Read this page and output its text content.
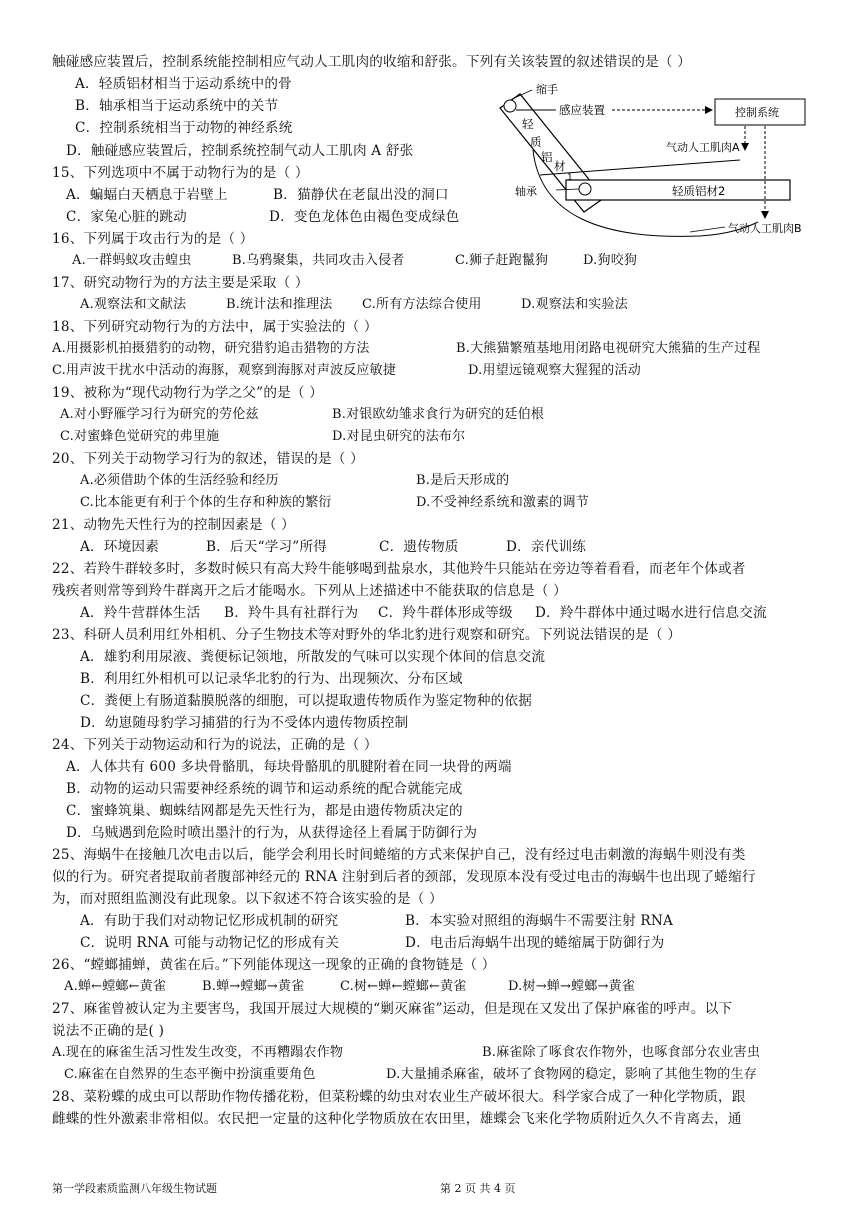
触碰感应装置后，控制系统能控制相应气动人工肌肉的收缩和舒张。下列有关该装置的叙述错误的是（ ）
A．轻质铝材相当于运动系统中的骨
B．轴承相当于运动系统中的关节
C．控制系统相当于动物的神经系统
D．触碰感应装置后，控制系统控制气动人工肌肉 A 舒张
15、下列选项中不属于动物行为的是（ ）
A．蝙蝠白天栖息于岩壁上	B．猫静伏在老鼠出没的洞口
C．家兔心脏的跳动	D．变色龙体色由褐色变成绿色
16、下列属于攻击行为的是（ ）
A.一群蚂蚁攻击蝗虫	B.乌鸦聚集，共同攻击入侵者	C.狮子赶跑鬣狗	D.狗咬狗
17、研究动物行为的方法主要是采取（ ）
A.观察法和文献法	B.统计法和推理法 C.所有方法综合使用	D.观察法和实验法
18、下列研究动物行为的方法中，属于实验法的（ ）
A.用摄影机拍摄猎豹的动物，研究猎豹追击猎物的方法	B.大熊猫繁殖基地用闭路电视研究大熊猫的生产过程
C.用声波干扰水中活动的海豚，观察到海豚对声波反应敏捷	D.用望远镜观察大猩猩的活动
19、被称为“现代动物行为学之父”的是（ ）
A.对小野雁学习行为研究的劳伦兹	B.对银欧幼雏求食行为研究的廷伯根
C.对蜜蜂色觉研究的弗里施	D.对昆虫研究的法布尔
20、下列关于动物学习行为的叙述，错误的是（ ）
A.必须借助个体的生活经验和经历	B.是后天形成的
C.比本能更有利于个体的生存和种族的繁衍	D.不受神经系统和激素的调节
21、动物先天性行为的控制因素是（ ）
A．环境因素	B．后天“学习”所得	C．遗传物质	D．亲代训练
22、若羚牛群较多时，多数时候只有高大羚牛能够喝到盐泉水，其他羚牛只能站在旁边等着看看，而老年个体或者
残疾者则常等到羚牛群离开之后才能喝水。下列从上述描述中不能获取的信息是（ ）
A．羚牛营群体生活 B．羚牛具有社群行为 C．羚牛群体形成等级 D．羚牛群体中通过喝水进行信息交流
23、科研人员利用红外相机、分子生物技术等对野外的华北豹进行观察和研究。下列说法错误的是（ ）
A．雄豹利用尿液、粪便标记领地，所散发的气味可以实现个体间的信息交流
B．利用红外相机可以记录华北豹的行为、出现频次、分布区域
C．粪便上有肠道黏膜脱落的细胞，可以提取遗传物质作为鉴定物种的依据
D．幼崽随母豹学习捕猎的行为不受体内遗传物质控制
24、下列关于动物运动和行为的说法，正确的是（ ）
A．人体共有 600 多块骨骼肌，每块骨骼肌的肌腱附着在同一块骨的两端
B．动物的运动只需要神经系统的调节和运动系统的配合就能完成
C．蜜蜂筑巢、蜘蛛结网都是先天性行为，都是由遗传物质决定的
D．乌贼遇到危险时喷出墨汁的行为，从获得途径上看属于防御行为
25、海蜗牛在接触几次电击以后，能学会利用长时间蜷缩的方式来保护自己，没有经过电击刺激的海蜗牛则没有类
似的行为。研究者提取前者腹部神经元的 RNA 注射到后者的颈部，发现原本没有受过电击的海蜗牛也出现了蜷缩行
为，而对照组监测没有此现象。以下叙述不符合该实验的是（ ）
A．有助于我们对动物记忆形成机制的研究	B．本实验对照组的海蜗牛不需要注射 RNA
C．说明 RNA 可能与动物记忆的形成有关	D．电击后海蜗牛出现的蜷缩属于防御行为
26、“螳螂捕蝉，黄雀在后。”下列能体现这一现象的正确的食物链是（ ）
A.蝉←螳螂←黄雀	B.蝉→螳螂→黄雀	C.树←蝉←螳螂←黄雀	D.树→蝉→螳螂→黄雀
27、麻雀曾被认定为主要害鸟，我国开展过大规模的“剿灭麻雀”运动，但是现在又发出了保护麻雀的呼声。以下
说法不正确的是( )
A.现在的麻雀生活习性发生改变，不再糟蹋农作物	B.麻雀除了啄食农作物外，也啄食部分农业害虫
C.麻雀在自然界的生态平衡中扮演重要角色	D.大量捕杀麻雀，破坏了食物网的稳定，影响了其他生物的生存
28、菜粉蝶的成虫可以帮助作物传播花粉，但菜粉蝶的幼虫对农业生产破坏很大。科学家合成了一种化学物质，跟
雌蝶的性外激素非常相似。农民把一定量的这种化学物质放在农田里，雄蝶会飞来化学物质附近久久不肯离去，通
缩手
感应装置	控制系统
气动人工肌肉A
轴承	轻质铝材2
气动人工肌肉B
1
轻
质
铝
材
第一学段素质监测八年级生物试题	第 2 页 共 4 页
